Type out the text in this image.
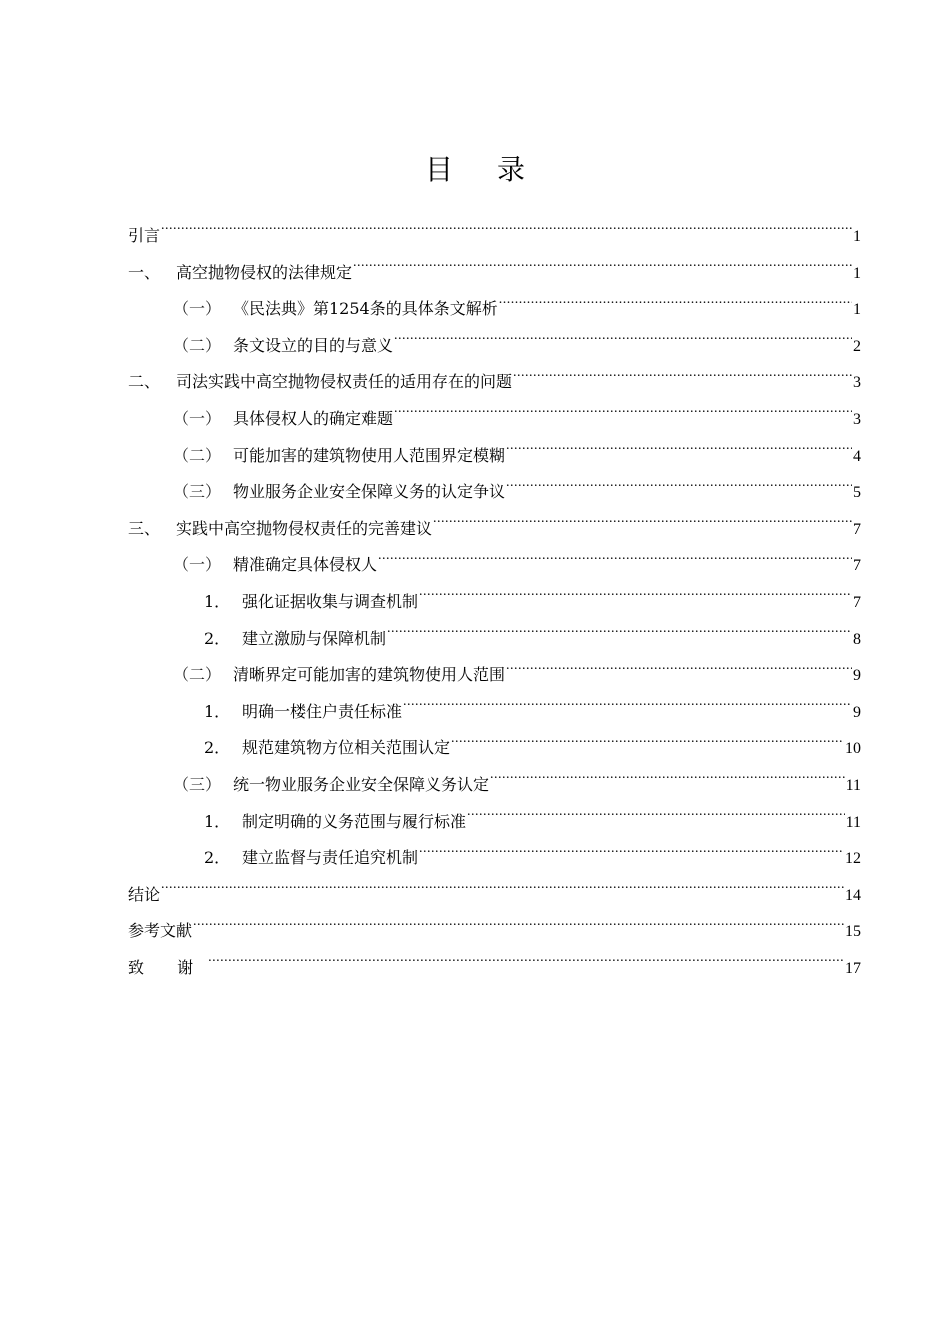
目 录
引言 .....	1
一、 高空抛物侵权的法律规定 .....	1
（一） 《民法典》第1254条的具体条文解析 .....	1
（二） 条文设立的目的与意义 .....	2
二、 司法实践中高空抛物侵权责任的适用存在的问题 .....	3
（一） 具体侵权人的确定难题 .....	3
（二） 可能加害的建筑物使用人范围界定模糊 .....	4
（三） 物业服务企业安全保障义务的认定争议 .....	5
三、 实践中高空抛物侵权责任的完善建议 .....	7
（一） 精准确定具体侵权人 .....	7
1． 强化证据收集与调查机制 .....	7
2． 建立激励与保障机制 .....	8
（二） 清晰界定可能加害的建筑物使用人范围 .....	9
1． 明确一楼住户责任标准 .....	9
2． 规范建筑物方位相关范围认定 .....	10
（三） 统一物业服务企业安全保障义务认定 .....	11
1． 制定明确的义务范围与履行标准 .....	11
2． 建立监督与责任追究机制 .....	12
结论 .....	14
参考文献 .....	15
致 谢 .....	17
